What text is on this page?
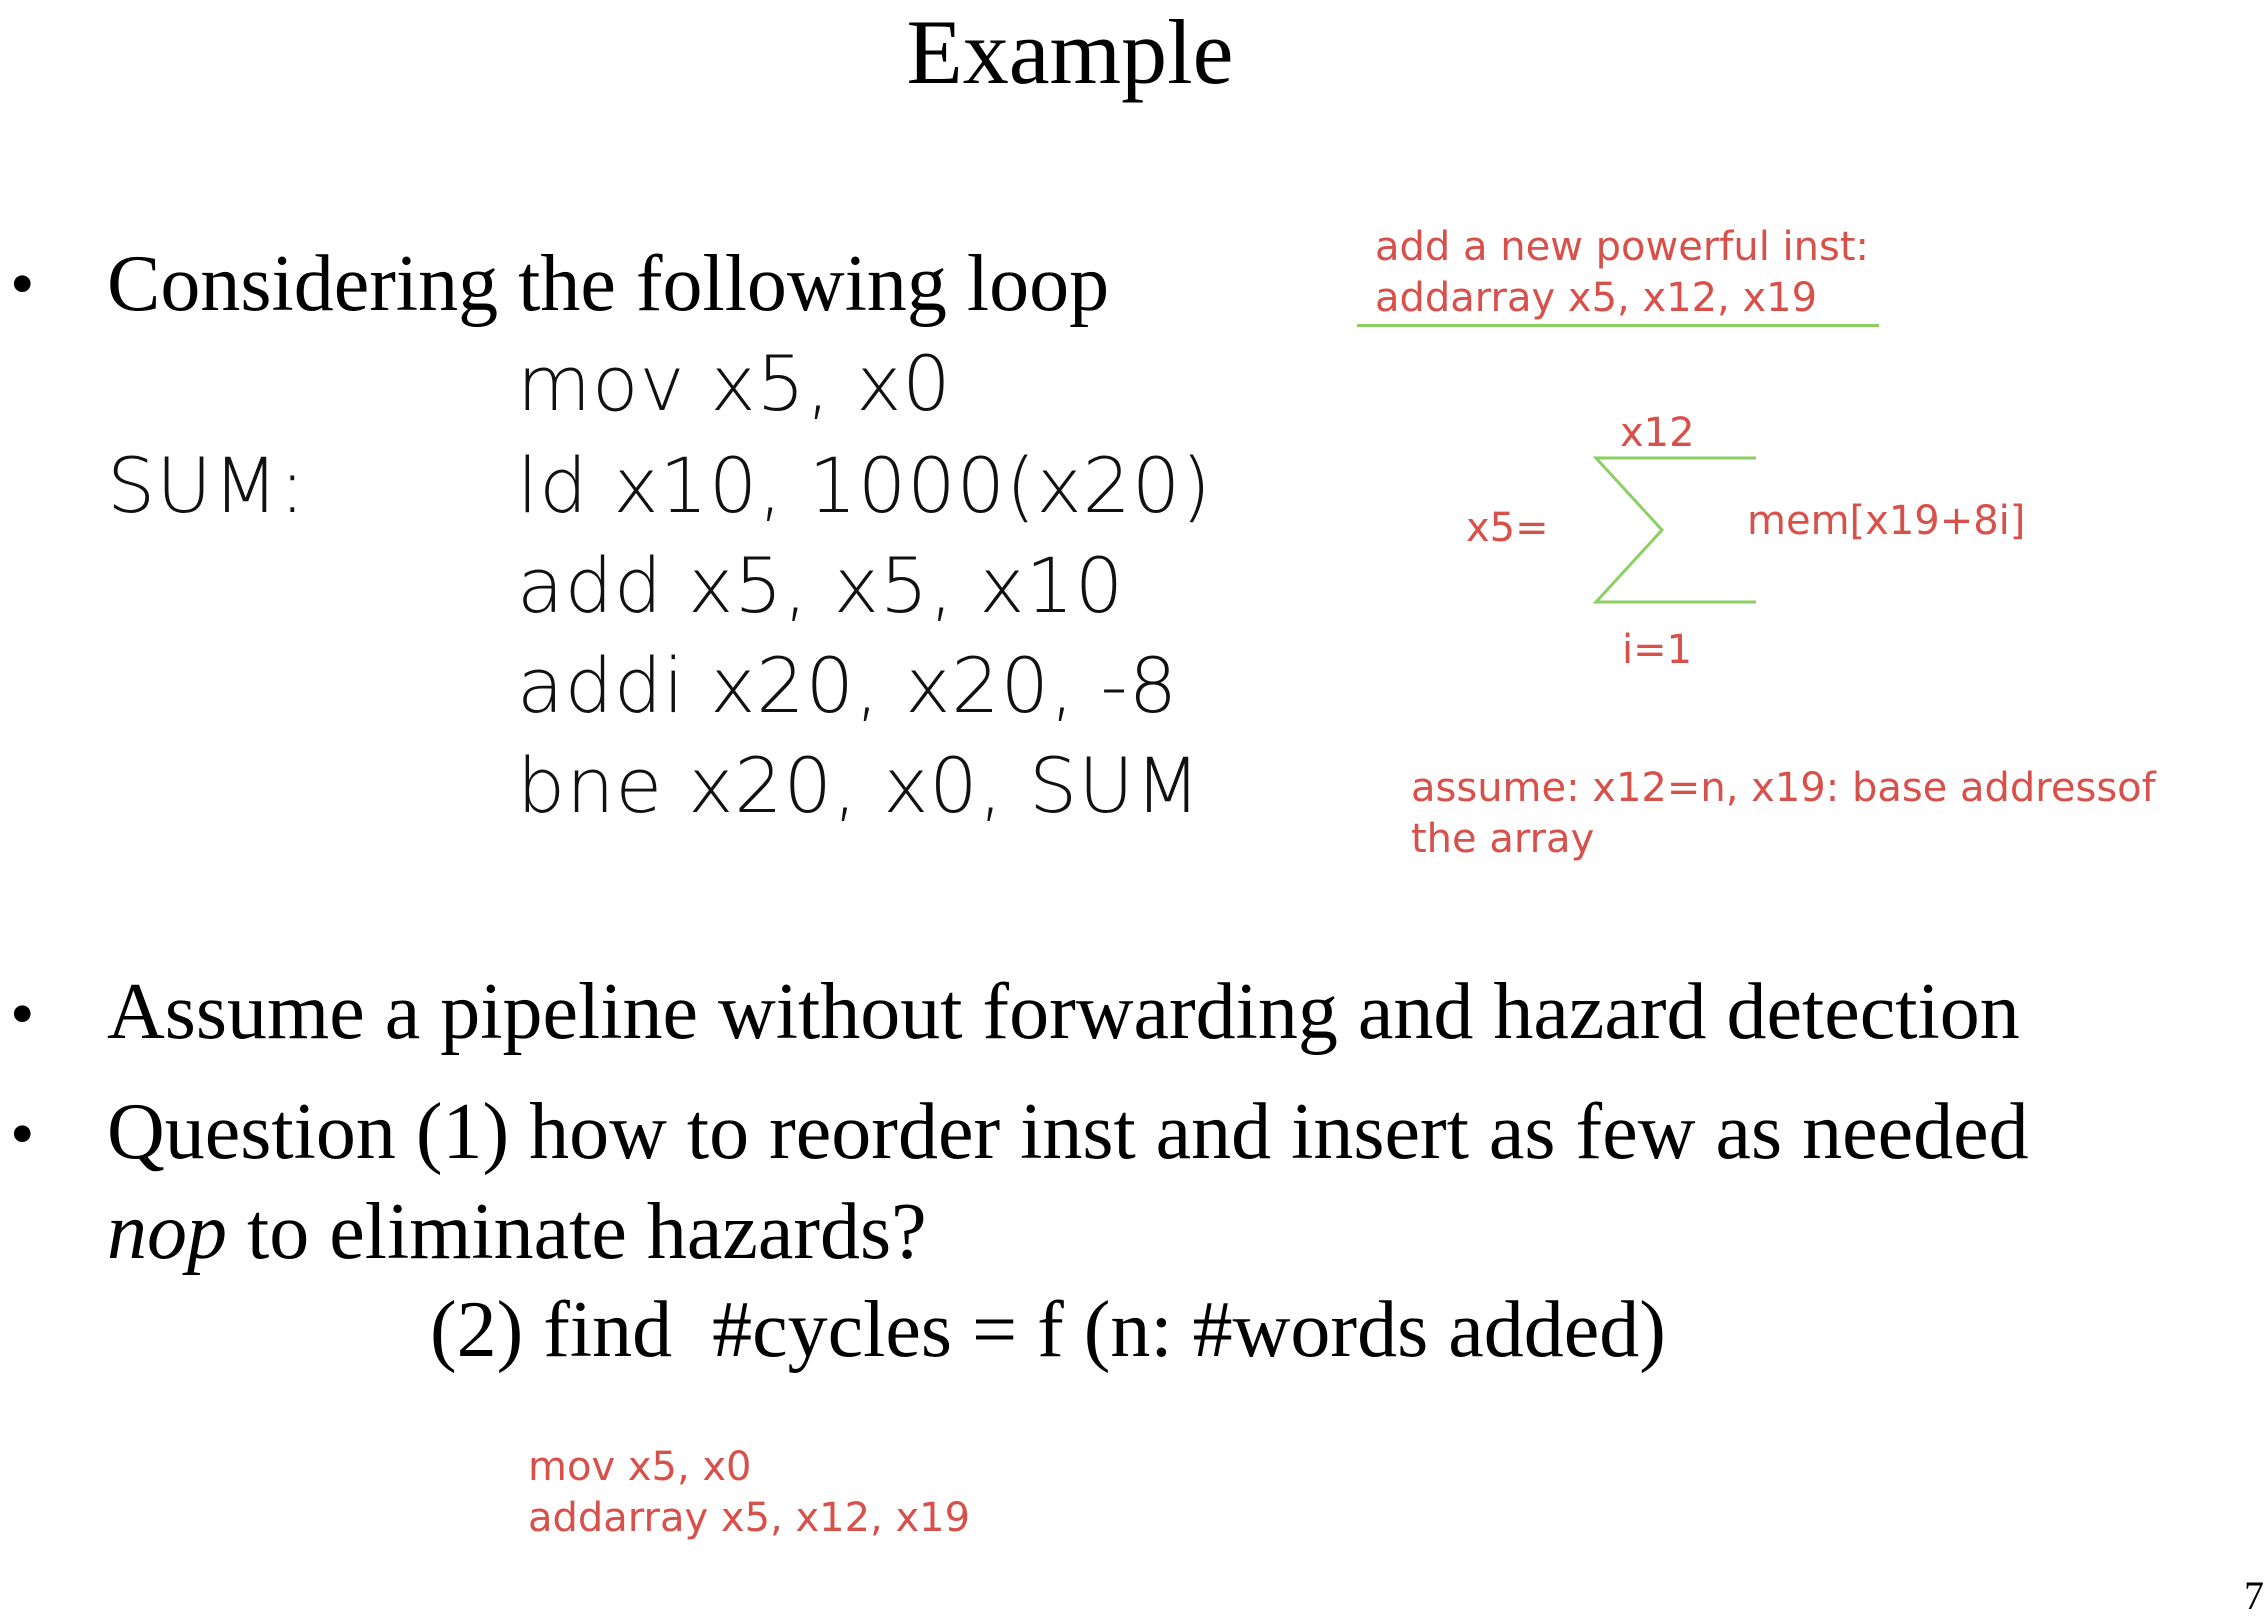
Example
• Considering the following loop
mov x5, x0
SUM:	ld x10, 1000(x20)
add x5, x5, x10
addi x20, x20, -8
bne x20, x0, SUM
add a new powerful inst:
addarray x5, x12, x19
x12
x5=	mem[x19+8i]
i=1
assume: x12=n, x19: base addressof
the array
• Assume a pipeline without forwarding and hazard detection
• Question (1) how to reorder inst and insert as few as needed
nop to eliminate hazards?
(2) find  #cycles = f (n: #words added)
mov x5, x0
addarray x5, x12, x19
7
